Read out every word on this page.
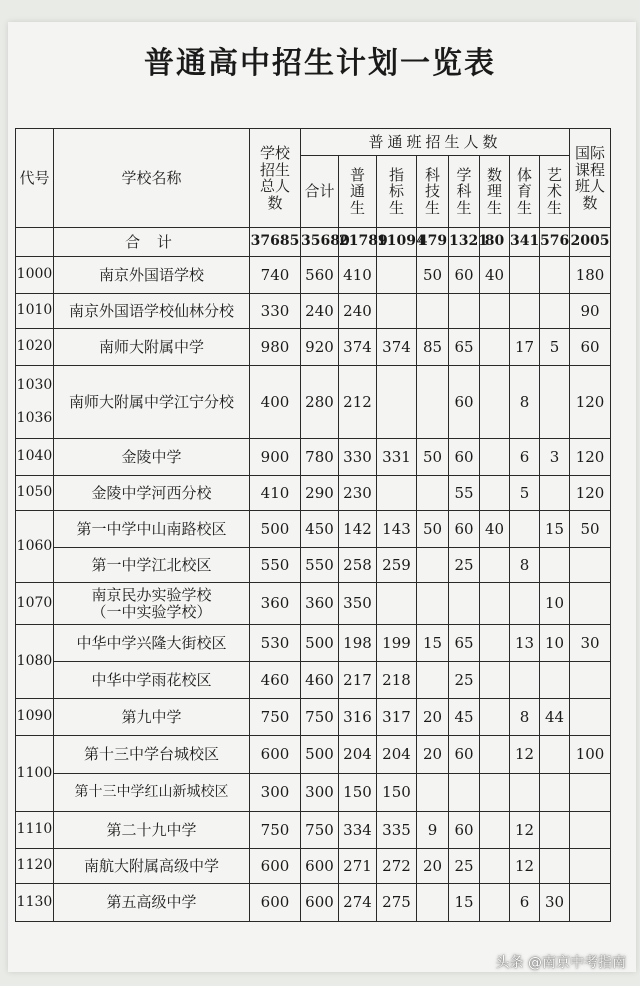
普通高中招生计划一览表
代号	学校名称	学校招生总人数	普通班招生人数								国际课程班人数

			合计	普通生	指标生	科技生	学科生	数理生	体育生	艺术生	

	合 计	37685	35680	21789	11094	479	1321	80	341	576	2005
1000	南京外国语学校	740	560	410		50	60	40			180
1010	南京外国语学校仙林分校	330	240	240							90
1020	南师大附属中学	980	920	374	374	85	65		17	5	60

1030
1036	南师大附属中学江宁分校	400	280	212			60		8		120
1040	金陵中学	900	780	330	331	50	60		6	3	120
1050	金陵中学河西分校	410	290	230			55		5		120
1060	第一中学中山南路校区	500	450	142	143	50	60	40		15	50
	第一中学江北校区	550	550	258	259		25		8		
1070	南京民办实验学校
（一中实验学校）	360	360	350						10	
1080	中华中学兴隆大街校区	530	500	198	199	15	65		13	10	30
	中华中学雨花校区	460	460	217	218		25				
1090	第九中学	750	750	316	317	20	45		8	44	
1100	第十三中学台城校区	600	500	204	204	20	60		12		100
	第十三中学红山新城校区	300	300	150	150						
1110	第二十九中学	750	750	334	335	9	60		12		
1120	南航大附属高级中学	600	600	271	272	20	25		12		
1130	第五高级中学	600	600	274	275		15		6	30	
头条 @南京中考指南
